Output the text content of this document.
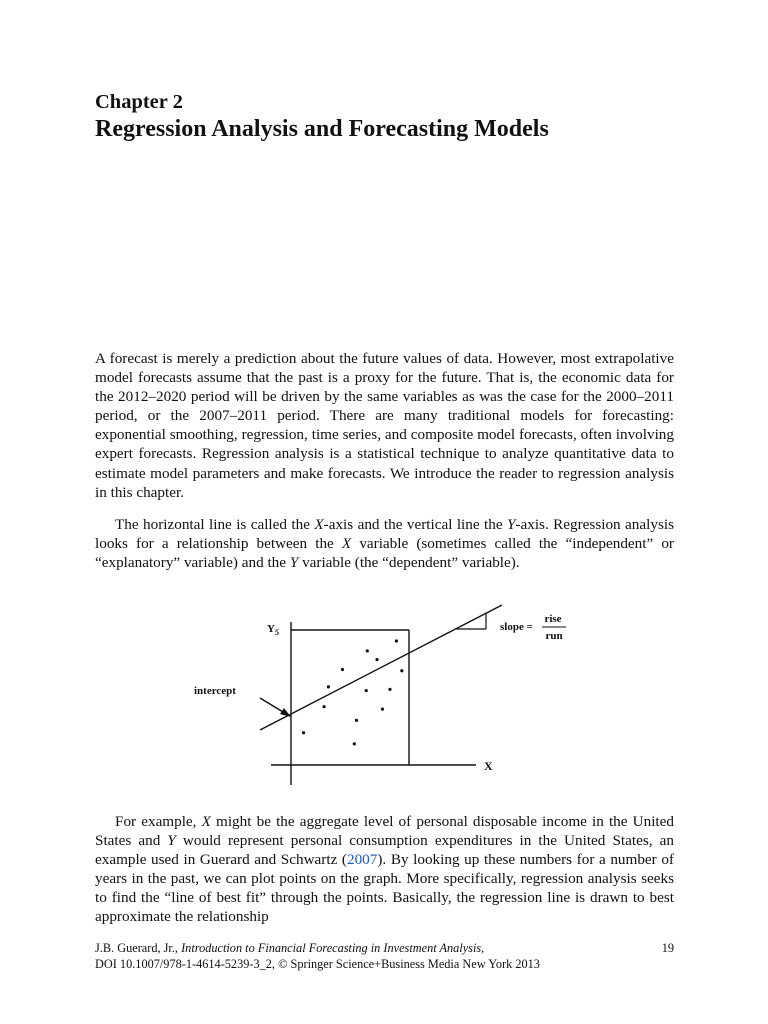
Chapter 2
Regression Analysis and Forecasting Models

A forecast is merely a prediction about the future values of data. However, most extrapolative model forecasts assume that the past is a proxy for the future. That is, the economic data for the 2012–2020 period will be driven by the same variables as was the case for the 2000–2011 period, or the 2007–2011 period. There are many traditional models for forecasting: exponential smoothing, regression, time series, and composite model forecasts, often involving expert forecasts. Regression analysis is a statistical technique to analyze quantitative data to estimate model parameters and make forecasts. We introduce the reader to regression analysis in this chapter.

The horizontal line is called the X-axis and the vertical line the Y-axis. Regression analysis looks for a relationship between the X variable (sometimes called the “independent” or “explanatory” variable) and the Y variable (the “dependent” variable).

$Y_5$
X
intercept
slope =
rise
run

For example, X might be the aggregate level of personal disposable income in the United States and Y would represent personal consumption expenditures in the United States, an example used in Guerard and Schwartz (2007). By looking up these numbers for a number of years in the past, we can plot points on the graph. More specifically, regression analysis seeks to find the “line of best fit” through the points. Basically, the regression line is drawn to best approximate the relationship

J.B. Guerard, Jr., Introduction to Financial Forecasting in Investment Analysis,	19
DOI 10.1007/978-1-4614-5239-3_2, © Springer Science+Business Media New York 2013
